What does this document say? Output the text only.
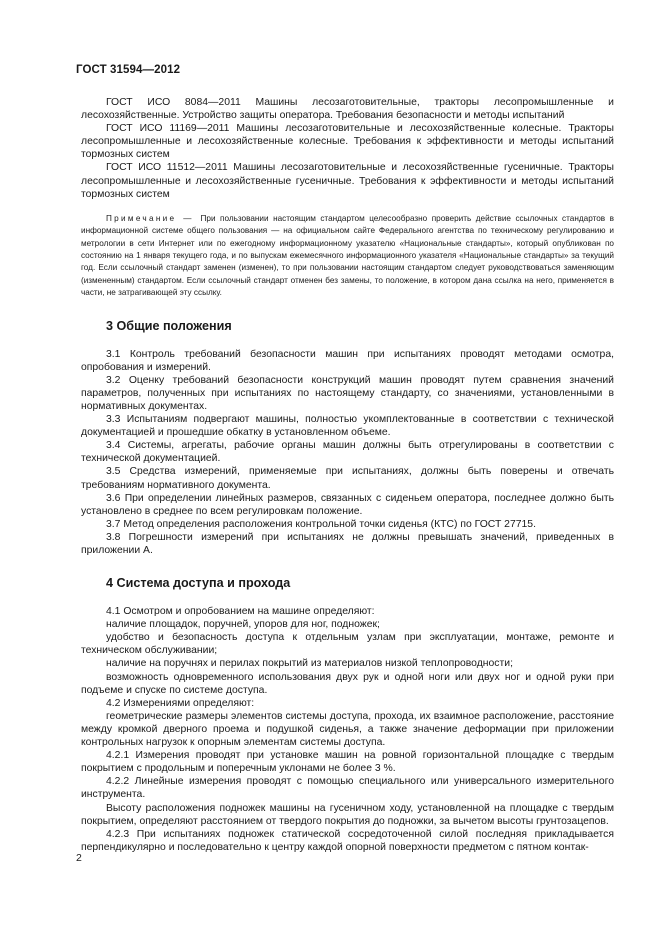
ГОСТ 31594—2012

ГОСТ ИСО 8084—2011 Машины лесозаготовительные, тракторы лесопромышленные и лесохозяйственные. Устройство защиты оператора. Требования безопасности и методы испытаний

ГОСТ ИСО 11169—2011 Машины лесозаготовительные и лесохозяйственные колесные. Тракторы лесопромышленные и лесохозяйственные колесные. Требования к эффективности и методы испытаний тормозных систем

ГОСТ ИСО 11512—2011 Машины лесозаготовительные и лесохозяйственные гусеничные. Тракторы лесопромышленные и лесохозяйственные гусеничные. Требования к эффективности и методы испытаний тормозных систем

Примечание — При пользовании настоящим стандартом целесообразно проверить действие ссылочных стандартов в информационной системе общего пользования — на официальном сайте Федерального агентства по техническому регулированию и метрологии в сети Интернет или по ежегодному информационному указателю «Национальные стандарты», который опубликован по состоянию на 1 января текущего года, и по выпускам ежемесячного информационного указателя «Национальные стандарты» за текущий год. Если ссылочный стандарт заменен (изменен), то при пользовании настоящим стандартом следует руководствоваться заменяющим (измененным) стандартом. Если ссылочный стандарт отменен без замены, то положение, в котором дана ссылка на него, применяется в части, не затрагивающей эту ссылку.

3 Общие положения

3.1 Контроль требований безопасности машин при испытаниях проводят методами осмотра, опробования и измерений.

3.2 Оценку требований безопасности конструкций машин проводят путем сравнения значений параметров, полученных при испытаниях по настоящему стандарту, со значениями, установленными в нормативных документах.

3.3 Испытаниям подвергают машины, полностью укомплектованные в соответствии с технической документацией и прошедшие обкатку в установленном объеме.

3.4 Системы, агрегаты, рабочие органы машин должны быть отрегулированы в соответствии с технической документацией.

3.5 Средства измерений, применяемые при испытаниях, должны быть поверены и отвечать требованиям нормативного документа.

3.6 При определении линейных размеров, связанных с сиденьем оператора, последнее должно быть установлено в среднее по всем регулировкам положение.

3.7 Метод определения расположения контрольной точки сиденья (КТС) по ГОСТ 27715.

3.8 Погрешности измерений при испытаниях не должны превышать значений, приведенных в приложении А.

4 Система доступа и прохода

4.1 Осмотром и опробованием на машине определяют:

наличие площадок, поручней, упоров для ног, подножек;

удобство и безопасность доступа к отдельным узлам при эксплуатации, монтаже, ремонте и техническом обслуживании;

наличие на поручнях и перилах покрытий из материалов низкой теплопроводности;

возможность одновременного использования двух рук и одной ноги или двух ног и одной руки при подъеме и спуске по системе доступа.

4.2 Измерениями определяют:

геометрические размеры элементов системы доступа, прохода, их взаимное расположение, расстояние между кромкой дверного проема и подушкой сиденья, а также значение деформации при приложении контрольных нагрузок к опорным элементам системы доступа.

4.2.1 Измерения проводят при установке машин на ровной горизонтальной площадке с твердым покрытием с продольным и поперечным уклонами не более 3 %.

4.2.2 Линейные измерения проводят с помощью специального или универсального измерительного инструмента.

Высоту расположения подножек машины на гусеничном ходу, установленной на площадке с твердым покрытием, определяют расстоянием от твердого покрытия до подножки, за вычетом высоты грунтозацепов.

4.2.3 При испытаниях подножек статической сосредоточенной силой последняя прикладывается перпендикулярно и последовательно к центру каждой опорной поверхности предметом с пятном контак-

2
